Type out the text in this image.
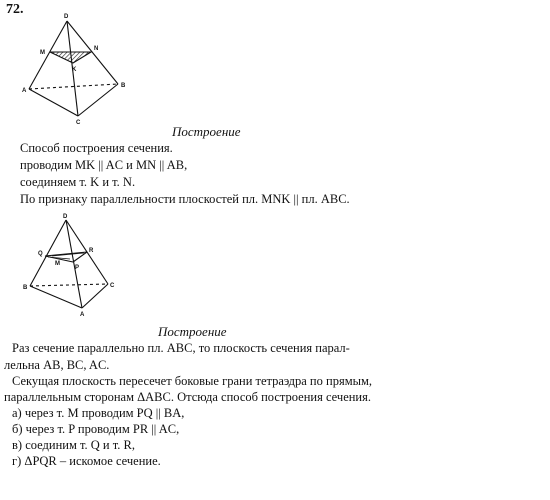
72.	D
M
N
K
A
B
C
Построение
Способ построения сечения.
проводим MK || AC и MN || AB,
соединяем т. K и т. N.
По признаку параллельности плоскостей пл. MNK || пл. ABC.
D
Q	R
M
P
B	C
A
Построение
Раз сечение параллельно пл. ABC, то плоскость сечения парал-
лельна AB, BC, AC.
Секущая плоскость пересечет боковые грани тетраэдра по прямым,
параллельным сторонам ΔABC. Отсюда способ построения сечения.
а) через т. M проводим PQ || BA,
б) через т. P проводим PR || AC,
в) соединим т. Q и т. R,
г) ΔPQR – искомое сечение.
